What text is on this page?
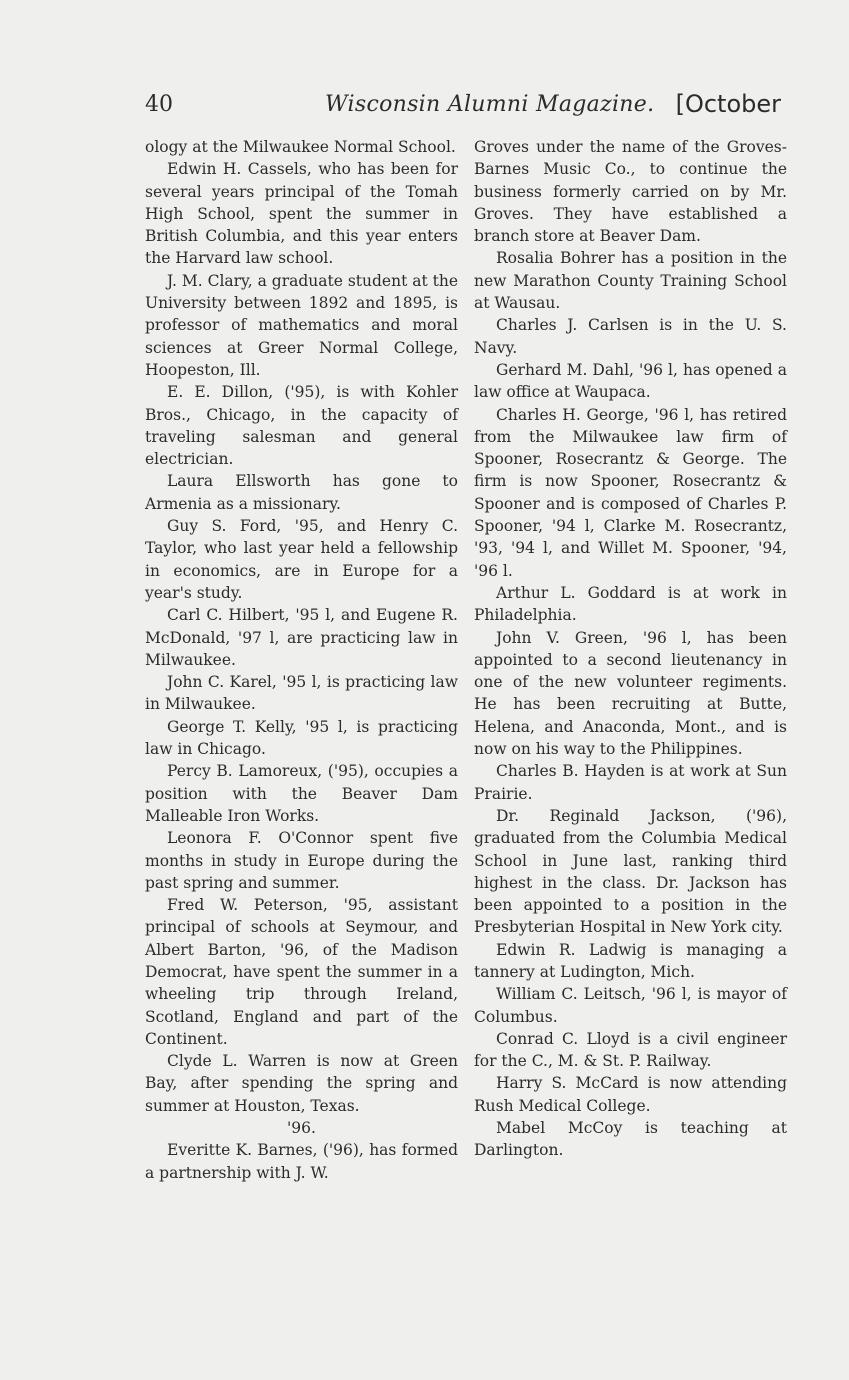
40	Wisconsin Alumni Magazine. [October

ology at the Milwaukee Normal School.

Edwin H. Cassels, who has been for several years principal of the Tomah High School, spent the summer in British Columbia, and this year enters the Harvard law school.

J. M. Clary, a graduate student at the University between 1892 and 1895, is professor of mathematics and moral sciences at Greer Normal College, Hoopeston, Ill.

E. E. Dillon, ('95), is with Kohler Bros., Chicago, in the capacity of traveling salesman and general electrician.

Laura Ellsworth has gone to Armenia as a missionary.

Guy S. Ford, '95, and Henry C. Taylor, who last year held a fellowship in economics, are in Europe for a year's study.

Carl C. Hilbert, '95 l, and Eugene R. McDonald, '97 l, are practicing law in Milwaukee.

John C. Karel, '95 l, is practicing law in Milwaukee.

George T. Kelly, '95 l, is practicing law in Chicago.

Percy B. Lamoreux, ('95), occupies a position with the Beaver Dam Malleable Iron Works.

Leonora F. O'Connor spent five months in study in Europe during the past spring and summer.

Fred W. Peterson, '95, assistant principal of schools at Seymour, and Albert Barton, '96, of the Madison Democrat, have spent the summer in a wheeling trip through Ireland, Scotland, England and part of the Continent.

Clyde L. Warren is now at Green Bay, after spending the spring and summer at Houston, Texas.

'96.

Everitte K. Barnes, ('96), has formed a partnership with J. W.

Groves under the name of the Groves-Barnes Music Co., to continue the business formerly carried on by Mr. Groves. They have established a branch store at Beaver Dam.

Rosalia Bohrer has a position in the new Marathon County Training School at Wausau.

Charles J. Carlsen is in the U. S. Navy.

Gerhard M. Dahl, '96 l, has opened a law office at Waupaca.

Charles H. George, '96 l, has retired from the Milwaukee law firm of Spooner, Rosecrantz & George. The firm is now Spooner, Rosecrantz & Spooner and is composed of Charles P. Spooner, '94 l, Clarke M. Rosecrantz, '93, '94 l, and Willet M. Spooner, '94, '96 l.

Arthur L. Goddard is at work in Philadelphia.

John V. Green, '96 l, has been appointed to a second lieutenancy in one of the new volunteer regiments. He has been recruiting at Butte, Helena, and Anaconda, Mont., and is now on his way to the Philippines.

Charles B. Hayden is at work at Sun Prairie.

Dr. Reginald Jackson, ('96), graduated from the Columbia Medical School in June last, ranking third highest in the class. Dr. Jackson has been appointed to a position in the Presbyterian Hospital in New York city.

Edwin R. Ladwig is managing a tannery at Ludington, Mich.

William C. Leitsch, '96 l, is mayor of Columbus.

Conrad C. Lloyd is a civil engineer for the C., M. & St. P. Railway.

Harry S. McCard is now attending Rush Medical College.

Mabel McCoy is teaching at Darlington.
